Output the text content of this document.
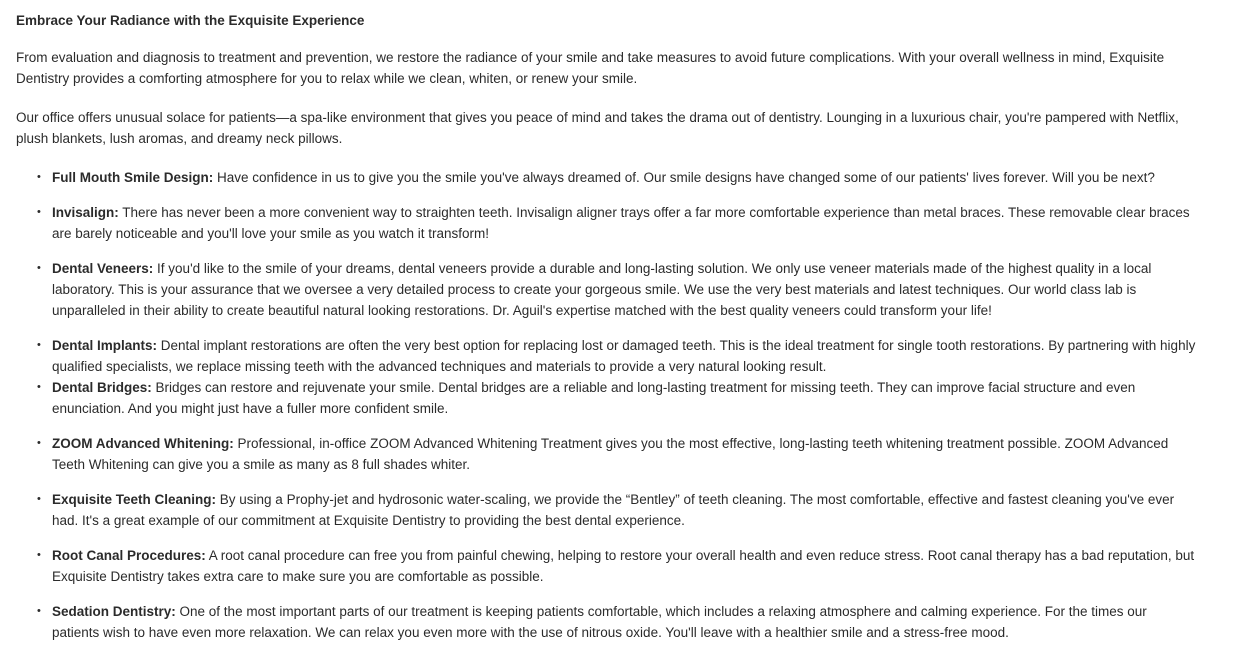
Embrace Your Radiance with the Exquisite Experience

From evaluation and diagnosis to treatment and prevention, we restore the radiance of your smile and take measures to avoid future complications. With your overall wellness in mind, Exquisite Dentistry provides a comforting atmosphere for you to relax while we clean, whiten, or renew your smile.

Our office offers unusual solace for patients—a spa-like environment that gives you peace of mind and takes the drama out of dentistry. Lounging in a luxurious chair, you're pampered with Netflix, plush blankets, lush aromas, and dreamy neck pillows.

• Full Mouth Smile Design: Have confidence in us to give you the smile you've always dreamed of. Our smile designs have changed some of our patients' lives forever. Will you be next?
• Invisalign: There has never been a more convenient way to straighten teeth. Invisalign aligner trays offer a far more comfortable experience than metal braces. These removable clear braces are barely noticeable and you'll love your smile as you watch it transform!
• Dental Veneers: If you'd like to the smile of your dreams, dental veneers provide a durable and long-lasting solution. We only use veneer materials made of the highest quality in a local laboratory. This is your assurance that we oversee a very detailed process to create your gorgeous smile. We use the very best materials and latest techniques. Our world class lab is unparalleled in their ability to create beautiful natural looking restorations. Dr. Aguil's expertise matched with the best quality veneers could transform your life!
• Dental Implants: Dental implant restorations are often the very best option for replacing lost or damaged teeth. This is the ideal treatment for single tooth restorations. By partnering with highly qualified specialists, we replace missing teeth with the advanced techniques and materials to provide a very natural looking result.
• Dental Bridges: Bridges can restore and rejuvenate your smile. Dental bridges are a reliable and long-lasting treatment for missing teeth. They can improve facial structure and even enunciation. And you might just have a fuller more confident smile.
• ZOOM Advanced Whitening: Professional, in-office ZOOM Advanced Whitening Treatment gives you the most effective, long-lasting teeth whitening treatment possible. ZOOM Advanced Teeth Whitening can give you a smile as many as 8 full shades whiter.
• Exquisite Teeth Cleaning: By using a Prophy-jet and hydrosonic water-scaling, we provide the “Bentley” of teeth cleaning. The most comfortable, effective and fastest cleaning you've ever had. It's a great example of our commitment at Exquisite Dentistry to providing the best dental experience.
• Root Canal Procedures: A root canal procedure can free you from painful chewing, helping to restore your overall health and even reduce stress. Root canal therapy has a bad reputation, but Exquisite Dentistry takes extra care to make sure you are comfortable as possible.
• Sedation Dentistry: One of the most important parts of our treatment is keeping patients comfortable, which includes a relaxing atmosphere and calming experience. For the times our patients wish to have even more relaxation. We can relax you even more with the use of nitrous oxide. You'll leave with a healthier smile and a stress-free mood.
